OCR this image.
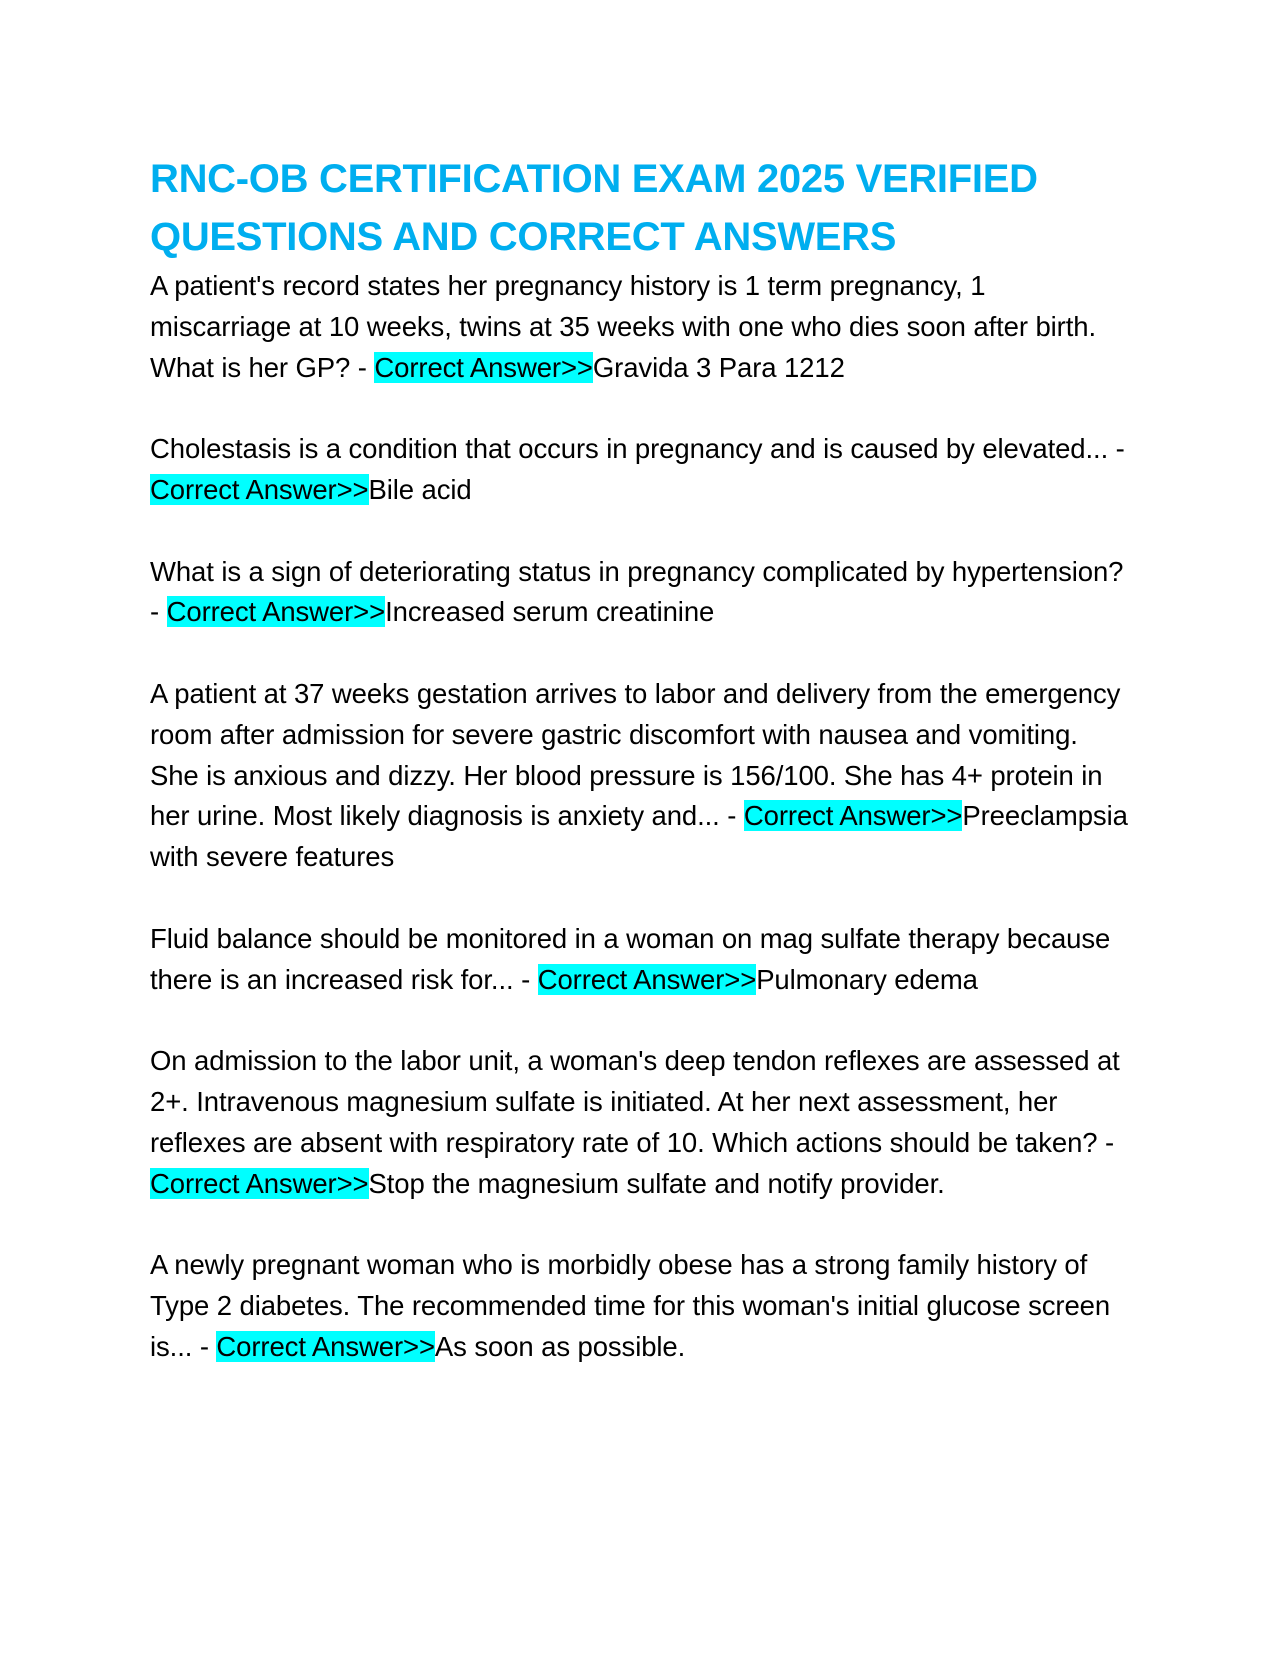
RNC-OB CERTIFICATION EXAM 2025 VERIFIED QUESTIONS AND CORRECT ANSWERS

A patient's record states her pregnancy history is 1 term pregnancy, 1 miscarriage at 10 weeks, twins at 35 weeks with one who dies soon after birth. What is her GP? - Correct Answer>>Gravida 3 Para 1212

Cholestasis is a condition that occurs in pregnancy and is caused by elevated... - Correct Answer>>Bile acid

What is a sign of deteriorating status in pregnancy complicated by hypertension? - Correct Answer>>Increased serum creatinine

A patient at 37 weeks gestation arrives to labor and delivery from the emergency room after admission for severe gastric discomfort with nausea and vomiting. She is anxious and dizzy. Her blood pressure is 156/100. She has 4+ protein in her urine. Most likely diagnosis is anxiety and... - Correct Answer>>Preeclampsia with severe features

Fluid balance should be monitored in a woman on mag sulfate therapy because there is an increased risk for... - Correct Answer>>Pulmonary edema

On admission to the labor unit, a woman's deep tendon reflexes are assessed at 2+. Intravenous magnesium sulfate is initiated. At her next assessment, her reflexes are absent with respiratory rate of 10. Which actions should be taken? - Correct Answer>>Stop the magnesium sulfate and notify provider.

A newly pregnant woman who is morbidly obese has a strong family history of Type 2 diabetes. The recommended time for this woman's initial glucose screen is... - Correct Answer>>As soon as possible.
